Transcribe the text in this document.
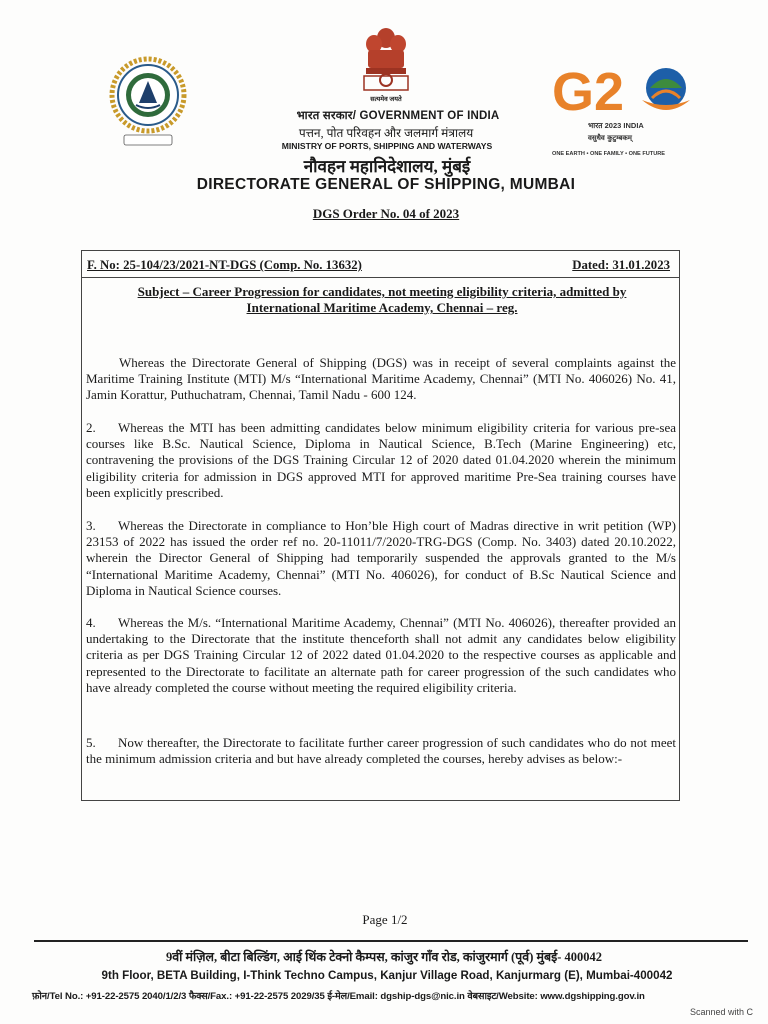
सत्यमेव जयते	G2
भारत 2023 INDIA
वसुधैव कुटुम्बकम्
ONE EARTH • ONE FAMILY • ONE FUTURE
भारत सरकार/ GOVERNMENT OF INDIA
पत्तन, पोत परिवहन और जलमार्ग मंत्रालय
MINISTRY OF PORTS, SHIPPING AND WATERWAYS
नौवहन महानिदेशालय, मुंबई
DIRECTORATE GENERAL OF SHIPPING, MUMBAI
DGS Order No. 04 of 2023
F. No: 25-104/23/2021-NT-DGS (Comp. No. 13632)	Dated: 31.01.2023
Subject – Career Progression for candidates, not meeting eligibility criteria, admitted by International Maritime Academy, Chennai – reg.
Whereas the Directorate General of Shipping (DGS) was in receipt of several complaints against the Maritime Training Institute (MTI) M/s “International Maritime Academy, Chennai” (MTI No. 406026) No. 41, Jamin Korattur, Puthuchatram, Chennai, Tamil Nadu - 600 124.
2. Whereas the MTI has been admitting candidates below minimum eligibility criteria for various pre-sea courses like B.Sc. Nautical Science, Diploma in Nautical Science, B.Tech (Marine Engineering) etc, contravening the provisions of the DGS Training Circular 12 of 2020 dated 01.04.2020 wherein the minimum eligibility criteria for admission in DGS approved MTI for approved maritime Pre-Sea training courses have been explicitly prescribed.
3. Whereas the Directorate in compliance to Hon’ble High court of Madras directive in writ petition (WP) 23153 of 2022 has issued the order ref no. 20-11011/7/2020-TRG-DGS (Comp. No. 3403) dated 20.10.2022, wherein the Director General of Shipping had temporarily suspended the approvals granted to the M/s “International Maritime Academy, Chennai” (MTI No. 406026), for conduct of B.Sc Nautical Science and Diploma in Nautical Science courses.
4. Whereas the M/s. “International Maritime Academy, Chennai” (MTI No. 406026), thereafter provided an undertaking to the Directorate that the institute thenceforth shall not admit any candidates below eligibility criteria as per DGS Training Circular 12 of 2022 dated 01.04.2020 to the respective courses as applicable and represented to the Directorate to facilitate an alternate path for career progression of the such candidates who have already completed the course without meeting the required eligibility criteria.
5. Now thereafter, the Directorate to facilitate further career progression of such candidates who do not meet the minimum admission criteria and but have already completed the courses, hereby advises as below:-
Page 1/2
9वीं मंज़िल, बीटा बिल्डिंग, आई थिंक टेक्नो कैम्पस, कांजुर गाँव रोड, कांजुरमार्ग (पूर्व) मुंबई- 400042
9th Floor, BETA Building, I-Think Techno Campus, Kanjur Village Road, Kanjurmarg (E), Mumbai-400042
फ़ोन/Tel No.: +91-22-2575 2040/1/2/3 फैक्स/Fax.: +91-22-2575 2029/35 ई-मेल/Email: dgship-dgs@nic.in वेबसाइट/Website: www.dgshipping.gov.in
Scanned with C
